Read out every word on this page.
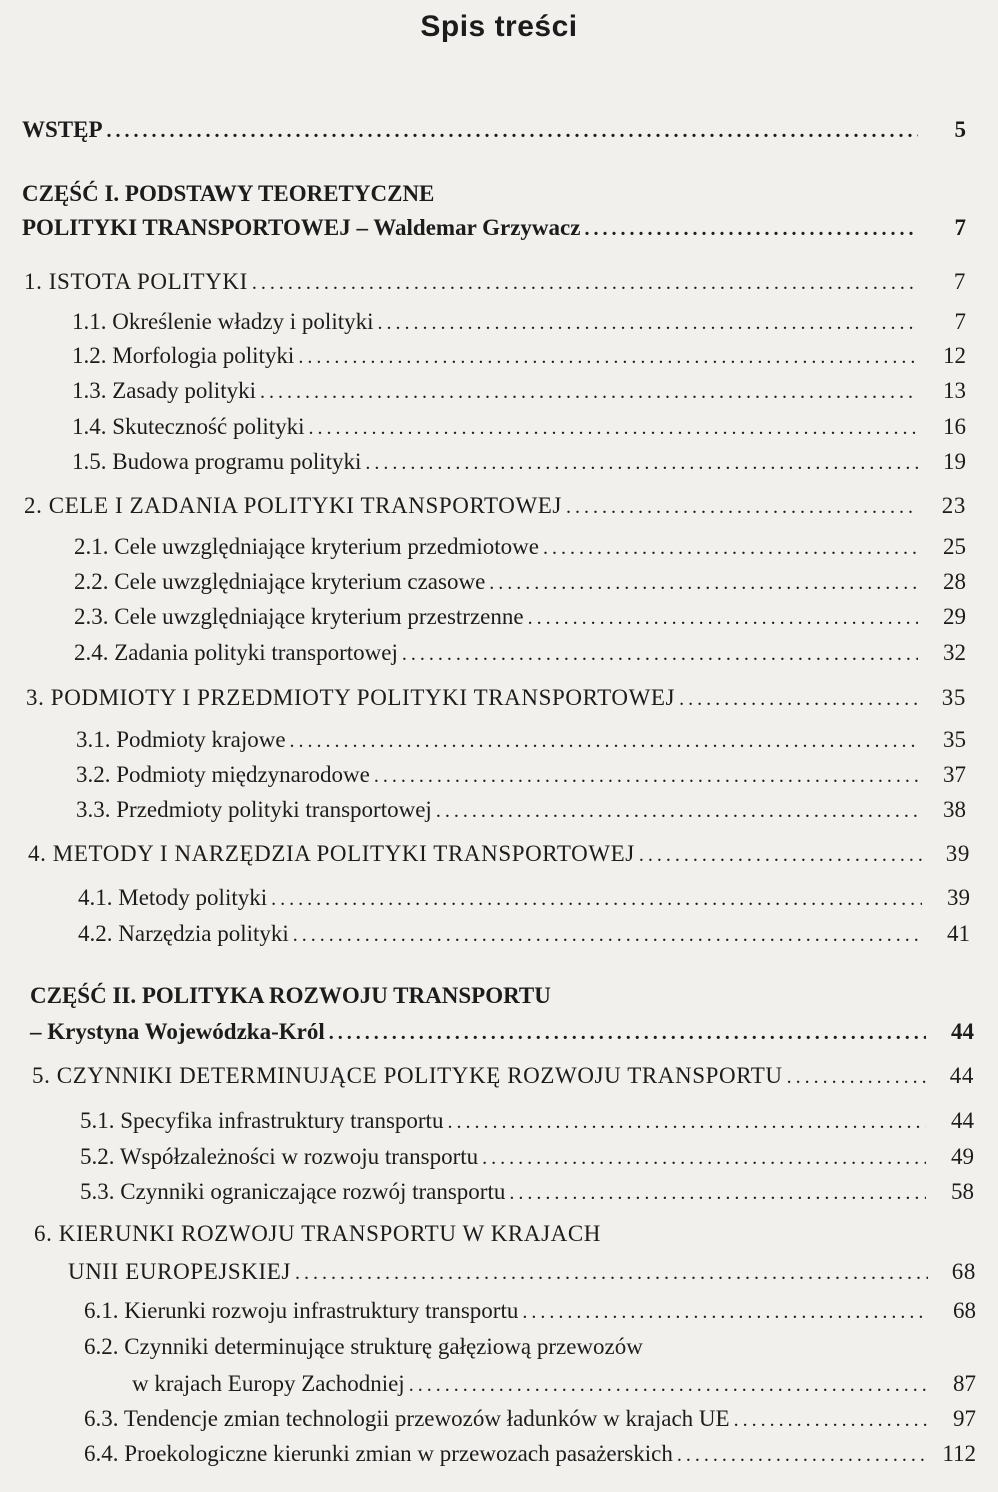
Spis treści
WSTĘP .....	5
CZĘŚĆ I. PODSTAWY TEORETYCZNE
POLITYKI TRANSPORTOWEJ – Waldemar Grzywacz .....	7
1. ISTOTA POLITYKI .....	7
1.1. Określenie władzy i polityki .....	7
1.2. Morfologia polityki .....	12
1.3. Zasady polityki .....	13
1.4. Skuteczność polityki .....	16
1.5. Budowa programu polityki .....	19
2. CELE I ZADANIA POLITYKI TRANSPORTOWEJ .....	23
2.1. Cele uwzględniające kryterium przedmiotowe .....	25
2.2. Cele uwzględniające kryterium czasowe .....	28
2.3. Cele uwzględniające kryterium przestrzenne .....	29
2.4. Zadania polityki transportowej .....	32
3. PODMIOTY I PRZEDMIOTY POLITYKI TRANSPORTOWEJ .....	35
3.1. Podmioty krajowe .....	35
3.2. Podmioty międzynarodowe .....	37
3.3. Przedmioty polityki transportowej .....	38
4. METODY I NARZĘDZIA POLITYKI TRANSPORTOWEJ .....	39
4.1. Metody polityki .....	39
4.2. Narzędzia polityki .....	41
CZĘŚĆ II. POLITYKA ROZWOJU TRANSPORTU
– Krystyna Wojewódzka-Król .....	44
5. CZYNNIKI DETERMINUJĄCE POLITYKĘ ROZWOJU TRANSPORTU .....	44
5.1. Specyfika infrastruktury transportu .....	44
5.2. Współzależności w rozwoju transportu .....	49
5.3. Czynniki ograniczające rozwój transportu .....	58
6. KIERUNKI ROZWOJU TRANSPORTU W KRAJACH
UNII EUROPEJSKIEJ .....	68
6.1. Kierunki rozwoju infrastruktury transportu .....	68
6.2. Czynniki determinujące strukturę gałęziową przewozów
w krajach Europy Zachodniej .....	87
6.3. Tendencje zmian technologii przewozów ładunków w krajach UE .....	97
6.4. Proekologiczne kierunki zmian w przewozach pasażerskich .....	112
